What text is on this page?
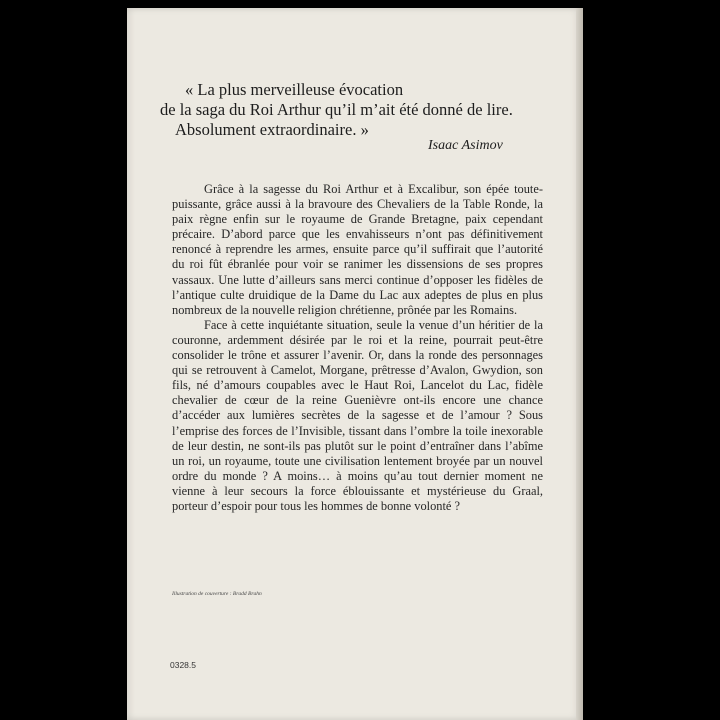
« La plus merveilleuse évocation
de la saga du Roi Arthur qu’il m’ait été donné de lire.
Absolument extraordinaire. »
Isaac Asimov

Grâce à la sagesse du Roi Arthur et à Excalibur, son épée toute-puissante, grâce aussi à la bravoure des Chevaliers de la Table Ronde, la paix règne enfin sur le royaume de Grande Bretagne, paix cependant précaire. D’abord parce que les envahisseurs n’ont pas définitivement renoncé à reprendre les armes, ensuite parce qu’il suffirait que l’autorité du roi fût ébranlée pour voir se ranimer les dissensions de ses propres vassaux. Une lutte d’ailleurs sans merci continue d’opposer les fidèles de l’antique culte druidique de la Dame du Lac aux adeptes de plus en plus nombreux de la nouvelle religion chrétienne, prônée par les Romains.

Face à cette inquiétante situation, seule la venue d’un héritier de la couronne, ardemment désirée par le roi et la reine, pourrait peut-être consolider le trône et assurer l’avenir. Or, dans la ronde des personnages qui se retrouvent à Camelot, Morgane, prêtresse d’Avalon, Gwydion, son fils, né d’amours coupables avec le Haut Roi, Lancelot du Lac, fidèle chevalier de cœur de la reine Guenièvre ont-ils encore une chance d’accéder aux lumières secrètes de la sagesse et de l’amour ? Sous l’emprise des forces de l’Invisible, tissant dans l’ombre la toile inexorable de leur destin, ne sont-ils pas plutôt sur le point d’entraîner dans l’abîme un roi, un royaume, toute une civilisation lentement broyée par un nouvel ordre du monde ? A moins… à moins qu’au tout dernier moment ne vienne à leur secours la force éblouissante et mystérieuse du Graal, porteur d’espoir pour tous les hommes de bonne volonté ?

Illustration de couverture : Bradd Brahn
0328.5
